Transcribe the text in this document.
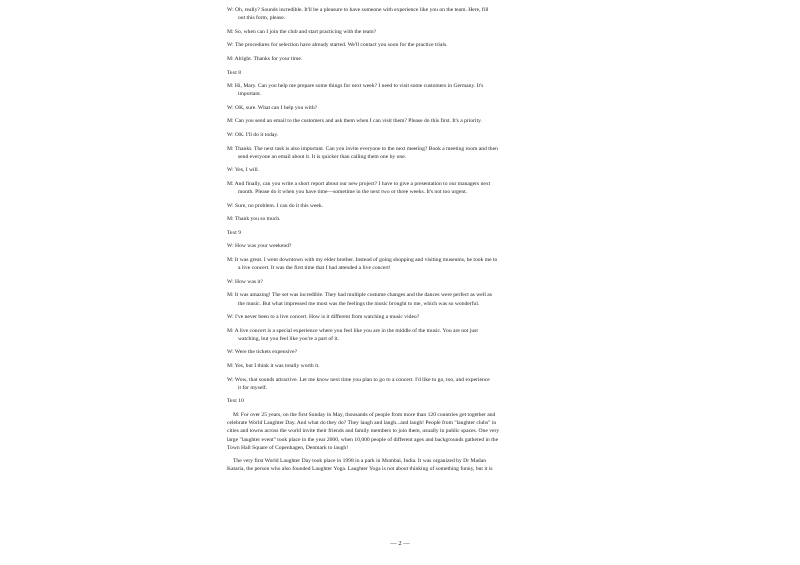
W: Oh, really? Sounds incredible. It'll be a pleasure to have someone with experience like you on the team. Here, fill
out this form, please.
M: So, when can I join the club and start practicing with the team?
W: The procedures for selection have already started. We'll contact you soon for the practice trials.
M: Alright. Thanks for your time.
Text 8
M: Hi, Mary. Can you help me prepare some things for next week? I need to visit some customers in Germany. It's
important.
W: OK, sure. What can I help you with?
M: Can you send an email to the customers and ask them when I can visit them? Please do this first. It's a priority.
W: OK. I'll do it today.
M: Thanks. The next task is also important. Can you invite everyone to the next meeting? Book a meeting room and then
send everyone an email about it. It is quicker than calling them one by one.
W: Yes, I will.
M: And finally, can you write a short report about our new project? I have to give a presentation to our managers next
month. Please do it when you have time—sometime in the next two or three weeks. It's not too urgent.
W: Sure, no problem. I can do it this week.
M: Thank you so much.
Text 9
W: How was your weekend?
M: It was great. I went downtown with my elder brother. Instead of going shopping and visiting museums, he took me to
a live concert. It was the first time that I had attended a live concert!
W: How was it?
M: It was amazing! The set was incredible. They had multiple costume changes and the dances were perfect as well as
the music. But what impressed me most was the feelings the music brought to me, which was so wonderful.
W: I've never been to a live concert. How is it different from watching a music video?
M: A live concert is a special experience where you feel like you are in the middle of the music. You are not just
watching, but you feel like you're a part of it.
W: Were the tickets expensive?
M: Yes, but I think it was totally worth it.
W: Wow, that sounds attractive. Let me know next time you plan to go to a concert. I'd like to go, too, and experience
it for myself.
Text 10
M: For over 25 years, on the first Sunday in May, thousands of people from more than 120 countries get together and
celebrate World Laughter Day. And what do they do? They laugh and laugh...and laugh! People from "laughter clubs" in
cities and towns across the world invite their friends and family members to join them, usually in public spaces. One very
large "laughter event" took place in the year 2000, when 10,000 people of different ages and backgrounds gathered in the
Town Hall Square of Copenhagen, Denmark to laugh!
The very first World Laughter Day took place in 1998 in a park in Mumbai, India. It was organized by Dr Madan
Kataria, the person who also founded Laughter Yoga. Laughter Yoga is not about thinking of something funny, but it is
— 2 —
